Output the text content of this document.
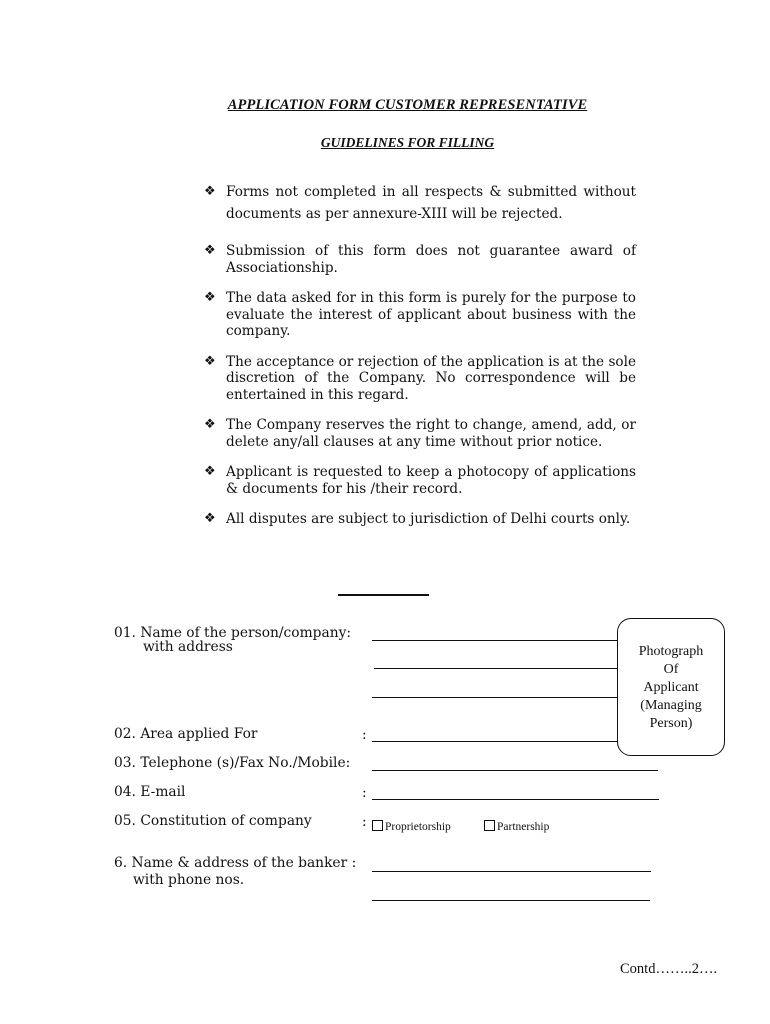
APPLICATION FORM CUSTOMER REPRESENTATIVE
GUIDELINES FOR FILLING
❖ Forms not completed in all respects & submitted without documents as per annexure-XIII will be rejected.
❖ Submission of this form does not guarantee award of Associationship.
❖ The data asked for in this form is purely for the purpose to evaluate the interest of applicant about business with the company.
❖ The acceptance or rejection of the application is at the sole discretion of the Company. No correspondence will be entertained in this regard.
❖ The Company reserves the right to change, amend, add, or delete any/all clauses at any time without prior notice.
❖ Applicant is requested to keep a photocopy of applications & documents for his /their record.
❖ All disputes are subject to jurisdiction of Delhi courts only.
01. Name of the person/company:
with address	Photograph
Of
Applicant
(Managing
Person)
02. Area applied For	:
03. Telephone (s)/Fax No./Mobile:
04. E-mail	:
05. Constitution of company	:	Proprietorship	Partnership
6. Name & address of the banker :
with phone nos.
Contd……..2….
